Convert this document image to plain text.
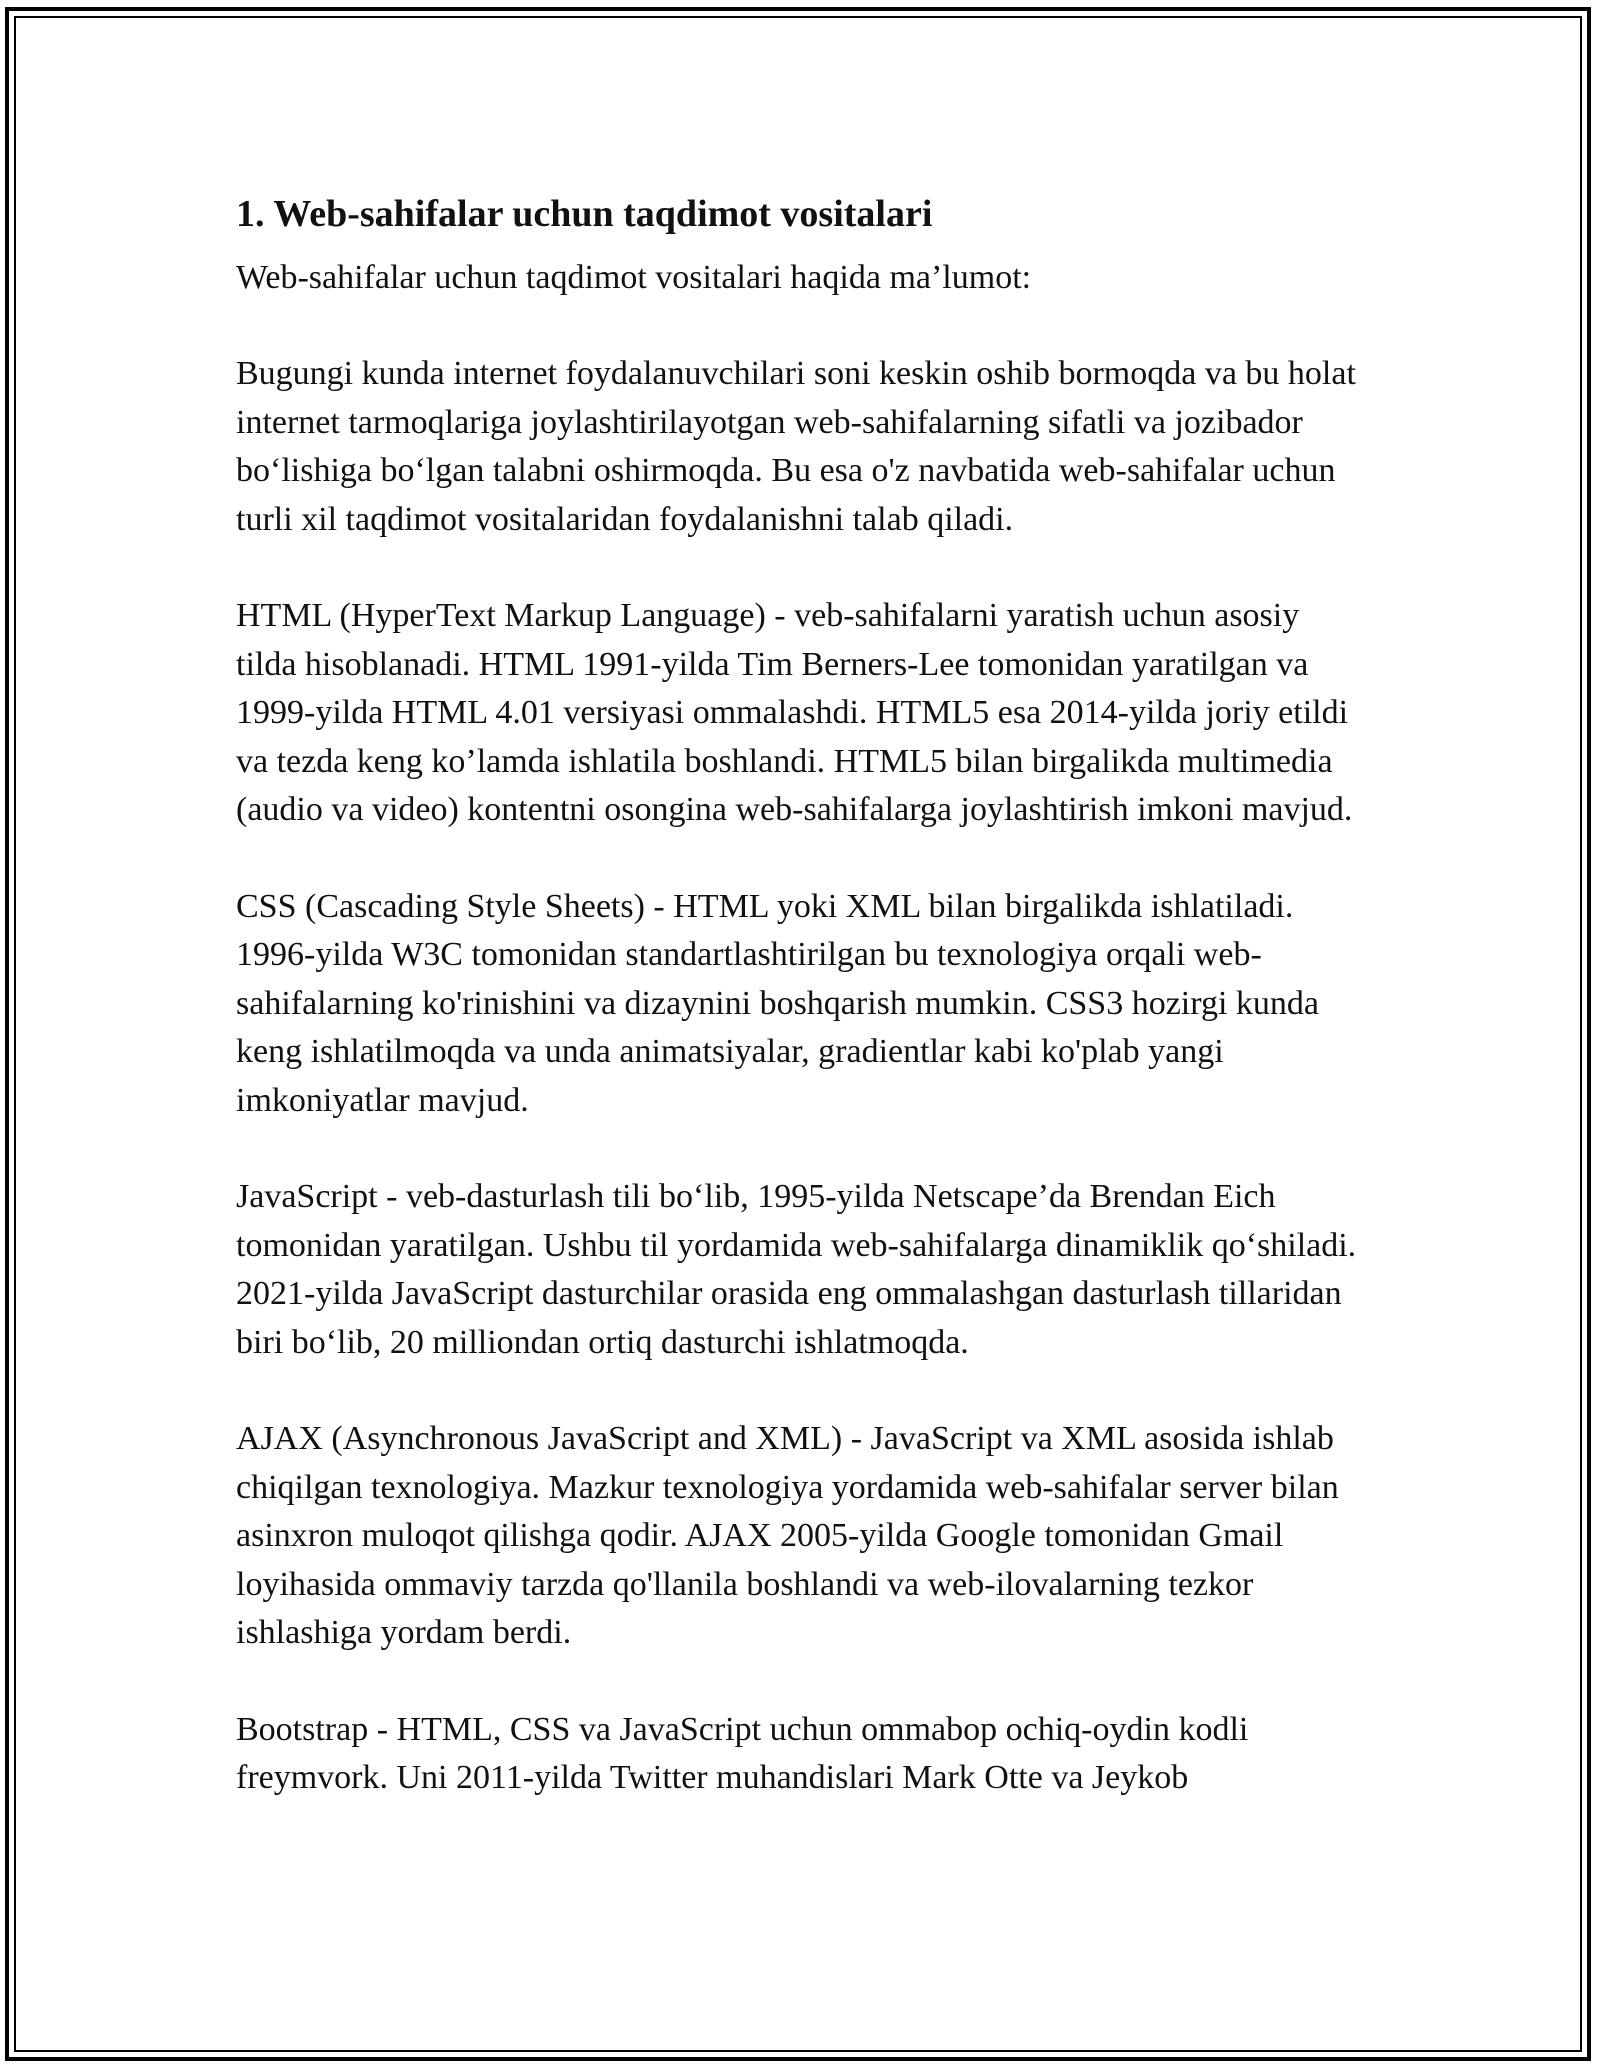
1. Web-sahifalar uchun taqdimot vositalari

Web-sahifalar uchun taqdimot vositalari haqida ma’lumot:

Bugungi kunda internet foydalanuvchilari soni keskin oshib bormoqda va bu holat internet tarmoqlariga joylashtirilayotgan web-sahifalarning sifatli va jozibador bo‘lishiga bo‘lgan talabni oshirmoqda. Bu esa o'z navbatida web-sahifalar uchun turli xil taqdimot vositalaridan foydalanishni talab qiladi.

HTML (HyperText Markup Language) - veb-sahifalarni yaratish uchun asosiy tilda hisoblanadi. HTML 1991-yilda Tim Berners-Lee tomonidan yaratilgan va 1999-yilda HTML 4.01 versiyasi ommalashdi. HTML5 esa 2014-yilda joriy etildi va tezda keng ko’lamda ishlatila boshlandi. HTML5 bilan birgalikda multimedia (audio va video) kontentni osongina web-sahifalarga joylashtirish imkoni mavjud.

CSS (Cascading Style Sheets) - HTML yoki XML bilan birgalikda ishlatiladi. 1996-yilda W3C tomonidan standartlashtirilgan bu texnologiya orqali web-sahifalarning ko'rinishini va dizaynini boshqarish mumkin. CSS3 hozirgi kunda keng ishlatilmoqda va unda animatsiyalar, gradientlar kabi ko'plab yangi imkoniyatlar mavjud.

JavaScript - veb-dasturlash tili bo‘lib, 1995-yilda Netscape’da Brendan Eich tomonidan yaratilgan. Ushbu til yordamida web-sahifalarga dinamiklik qo‘shiladi. 2021-yilda JavaScript dasturchilar orasida eng ommalashgan dasturlash tillaridan biri bo‘lib, 20 milliondan ortiq dasturchi ishlatmoqda.

AJAX (Asynchronous JavaScript and XML) - JavaScript va XML asosida ishlab chiqilgan texnologiya. Mazkur texnologiya yordamida web-sahifalar server bilan asinxron muloqot qilishga qodir. AJAX 2005-yilda Google tomonidan Gmail loyihasida ommaviy tarzda qo'llanila boshlandi va web-ilovalarning tezkor ishlashiga yordam berdi.

Bootstrap - HTML, CSS va JavaScript uchun ommabop ochiq-oydin kodli freymvork. Uni 2011-yilda Twitter muhandislari Mark Otte va Jeykob
